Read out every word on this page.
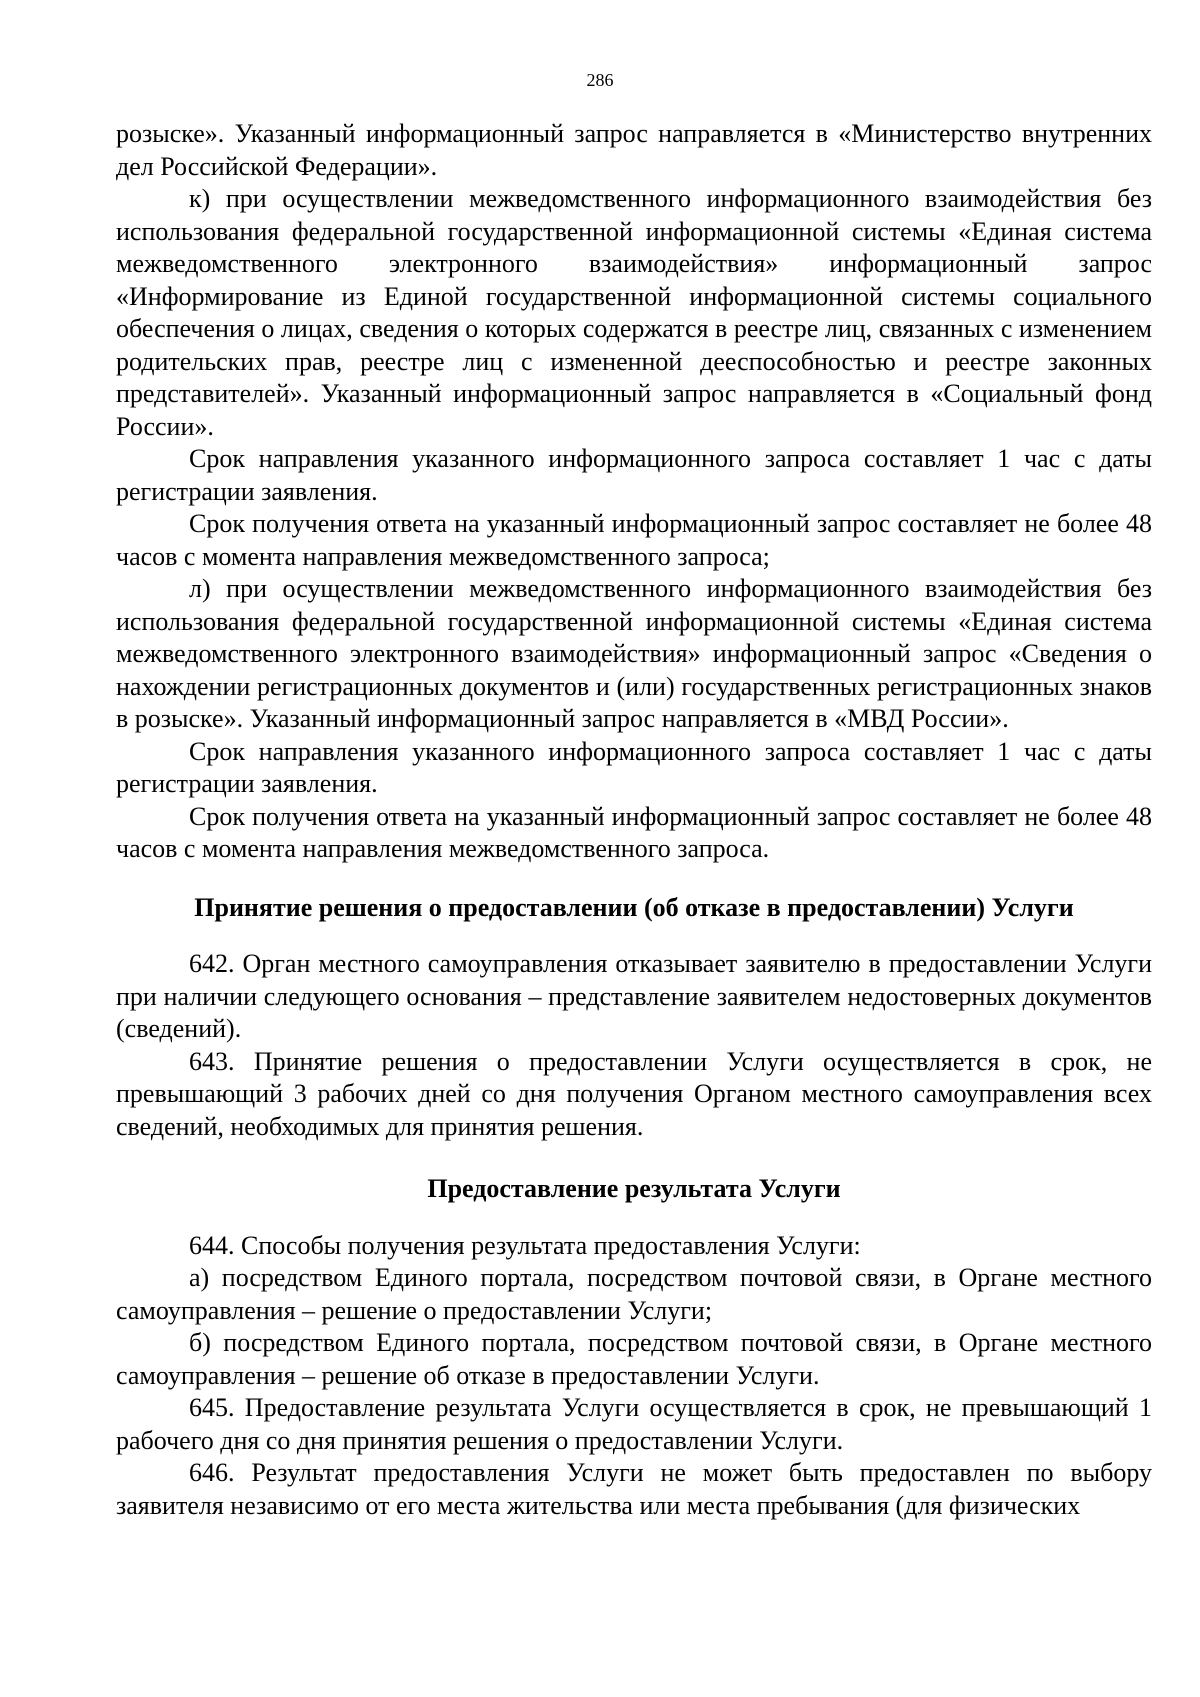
286

розыске». Указанный информационный запрос направляется в «Министерство внутренних дел Российской Федерации».

к) при осуществлении межведомственного информационного взаимодействия без использования федеральной государственной информационной системы «Единая система межведомственного электронного взаимодействия» информационный запрос «Информирование из Единой государственной информационной системы социального обеспечения о лицах, сведения о которых содержатся в реестре лиц, связанных с изменением родительских прав, реестре лиц с измененной дееспособностью и реестре законных представителей». Указанный информационный запрос направляется в «Социальный фонд России».

Срок направления указанного информационного запроса составляет 1 час с даты регистрации заявления.

Срок получения ответа на указанный информационный запрос составляет не более 48 часов с момента направления межведомственного запроса;

л) при осуществлении межведомственного информационного взаимодействия без использования федеральной государственной информационной системы «Единая система межведомственного электронного взаимодействия» информационный запрос «Сведения о нахождении регистрационных документов и (или) государственных регистрационных знаков в розыске». Указанный информационный запрос направляется в «МВД России».

Срок направления указанного информационного запроса составляет 1 час с даты регистрации заявления.

Срок получения ответа на указанный информационный запрос составляет не более 48 часов с момента направления межведомственного запроса.

Принятие решения о предоставлении (об отказе в предоставлении) Услуги

642. Орган местного самоуправления отказывает заявителю в предоставлении Услуги при наличии следующего основания – представление заявителем недостоверных документов (сведений).

643. Принятие решения о предоставлении Услуги осуществляется в срок, не превышающий 3 рабочих дней со дня получения Органом местного самоуправления всех сведений, необходимых для принятия решения.

Предоставление результата Услуги

644. Способы получения результата предоставления Услуги:

а) посредством Единого портала, посредством почтовой связи, в Органе местного самоуправления – решение о предоставлении Услуги;

б) посредством Единого портала, посредством почтовой связи, в Органе местного самоуправления – решение об отказе в предоставлении Услуги.

645. Предоставление результата Услуги осуществляется в срок, не превышающий 1 рабочего дня со дня принятия решения о предоставлении Услуги.

646. Результат предоставления Услуги не может быть предоставлен по выбору заявителя независимо от его места жительства или места пребывания (для физических
